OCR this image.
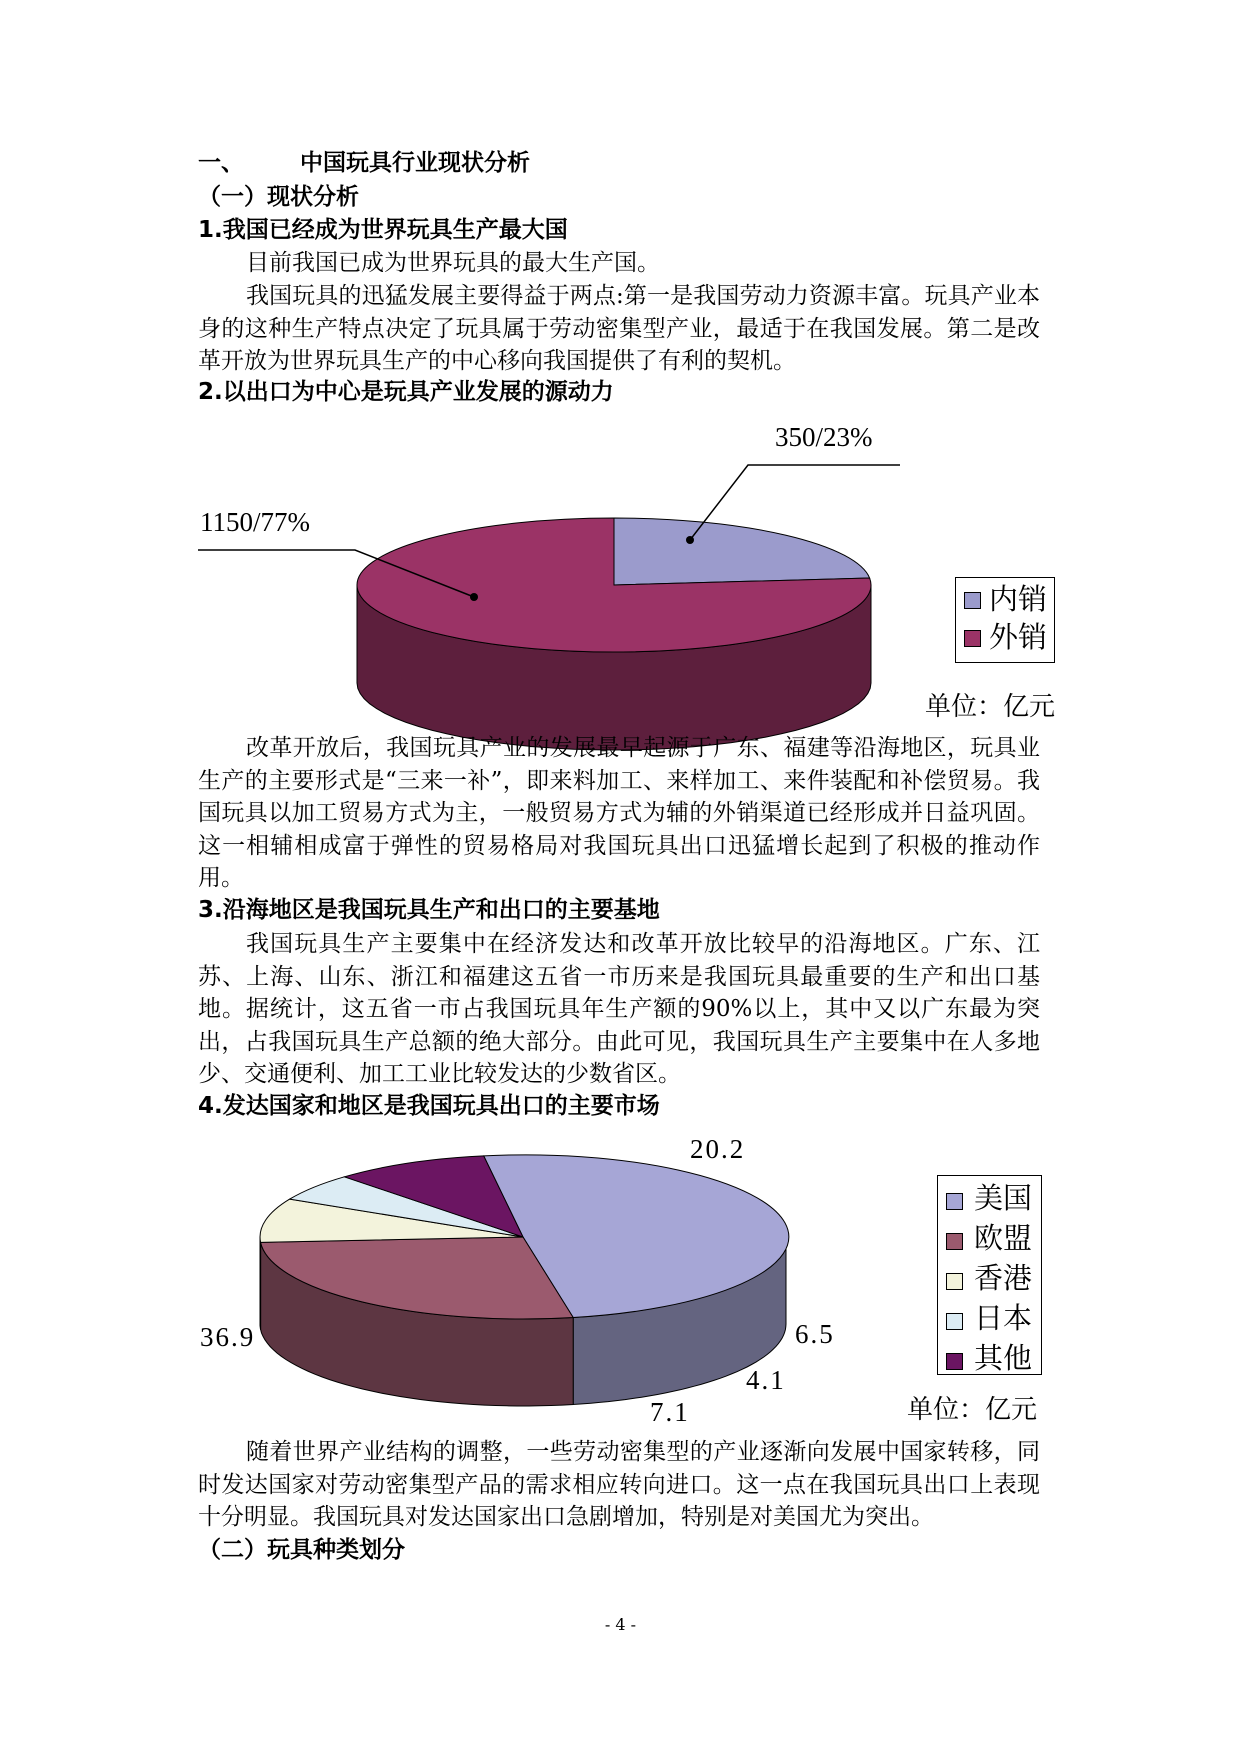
一、 中国玩具行业现状分析
（一）现状分析
1.我国已经成为世界玩具生产最大国
目前我国已成为世界玩具的最大生产国。
我国玩具的迅猛发展主要得益于两点:第一是我国劳动力资源丰富。玩具产业本身的这种生产特点决定了玩具属于劳动密集型产业，最适于在我国发展。第二是改革开放为世界玩具生产的中心移向我国提供了有利的契机。
2.以出口为中心是玩具产业发展的源动力
350/23%
1150/77%
内销
外销
单位：亿元
改革开放后，我国玩具产业的发展最早起源于广东、福建等沿海地区，玩具业生产的主要形式是“三来一补”，即来料加工、来样加工、来件装配和补偿贸易。我国玩具以加工贸易方式为主，一般贸易方式为辅的外销渠道已经形成并日益巩固。这一相辅相成富于弹性的贸易格局对我国玩具出口迅猛增长起到了积极的推动作用。
3.沿海地区是我国玩具生产和出口的主要基地
我国玩具生产主要集中在经济发达和改革开放比较早的沿海地区。广东、江苏、上海、山东、浙江和福建这五省一市历来是我国玩具最重要的生产和出口基地。据统计，这五省一市占我国玩具年生产额的90%以上，其中又以广东最为突出，占我国玩具生产总额的绝大部分。由此可见，我国玩具生产主要集中在人多地少、交通便利、加工工业比较发达的少数省区。
4.发达国家和地区是我国玩具出口的主要市场
36.9
20.2
6.5
4.1
7.1
美国
欧盟
香港
日本
其他
单位：亿元
随着世界产业结构的调整，一些劳动密集型的产业逐渐向发展中国家转移，同时发达国家对劳动密集型产品的需求相应转向进口。这一点在我国玩具出口上表现十分明显。我国玩具对发达国家出口急剧增加，特别是对美国尤为突出。
（二）玩具种类划分
- 4 -
